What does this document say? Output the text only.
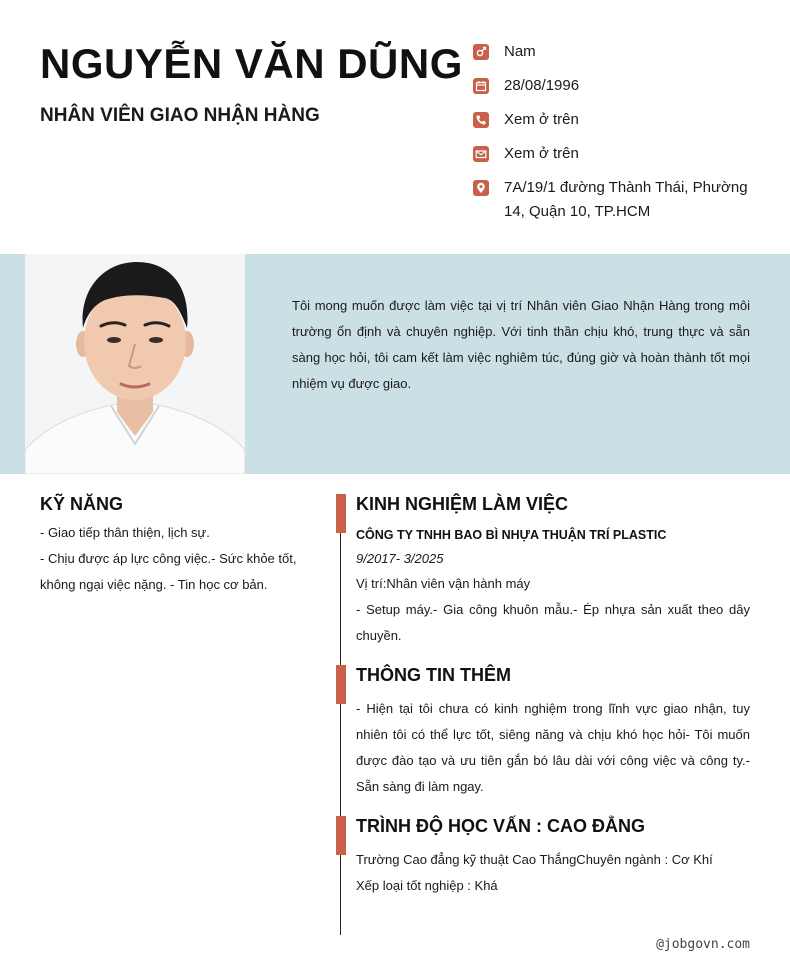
NGUYỄN VĂN DŨNG
NHÂN VIÊN GIAO NHẬN HÀNG
Nam
28/08/1996
Xem ở trên
Xem ở trên
7A/19/1 đường Thành Thái, Phường 14, Quận 10, TP.HCM

Tôi mong muốn được làm việc tại vị trí Nhân viên Giao Nhận Hàng trong môi trường ổn định và chuyên nghiệp. Với tinh thần chịu khó, trung thực và sẵn sàng học hỏi, tôi cam kết làm việc nghiêm túc, đúng giờ và hoàn thành tốt mọi nhiệm vụ được giao.

KỸ NĂNG

- Giao tiếp thân thiện, lịch sự.

- Chịu được áp lực công việc.- Sức khỏe tốt, không ngại việc nặng. - Tin học cơ bản.

KINH NGHIỆM LÀM VIỆC

CÔNG TY TNHH BAO BÌ NHỰA THUẬN TRÍ PLASTIC

9/2017- 3/2025

Vị trí:Nhân viên vận hành máy

- Setup máy.- Gia công khuôn mẫu.- Ép nhựa sản xuất theo dây chuyền.

THÔNG TIN THÊM

- Hiện tại tôi chưa có kinh nghiệm trong lĩnh vực giao nhận, tuy nhiên tôi có thể lực tốt, siêng năng và chịu khó học hỏi- Tôi muốn được đào tạo và ưu tiên gắn bó lâu dài với công việc và công ty.- Sẵn sàng đi làm ngay.

TRÌNH ĐỘ HỌC VẤN : CAO ĐẲNG

Trường Cao đẳng kỹ thuật Cao ThắngChuyên ngành : Cơ Khí

Xếp loại tốt nghiệp : Khá

@jobgovn.com
